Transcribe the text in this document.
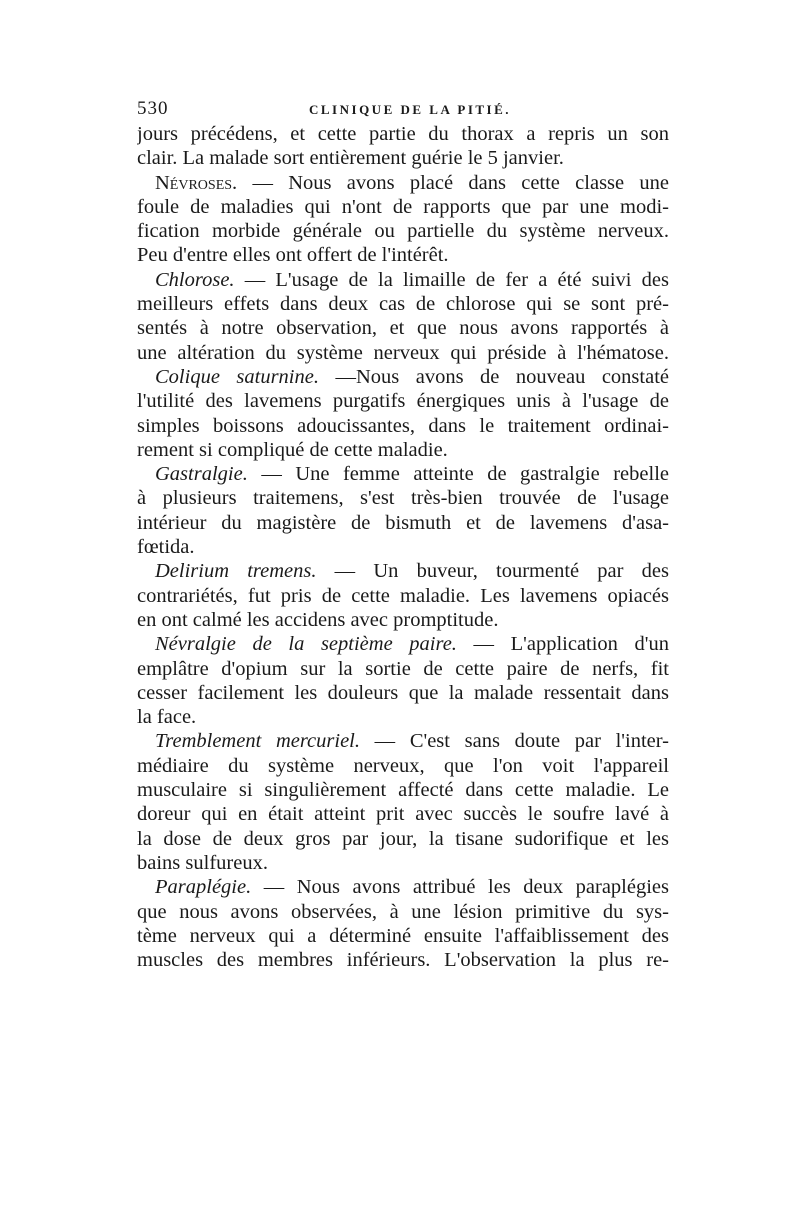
530	CLINIQUE DE LA PITIÉ.
jours précédens, et cette partie du thorax a repris un son
clair. La malade sort entièrement guérie le 5 janvier.
Névroses. — Nous avons placé dans cette classe une
foule de maladies qui n'ont de rapports que par une modi-
fication morbide générale ou partielle du système nerveux.
Peu d'entre elles ont offert de l'intérêt.
Chlorose. — L'usage de la limaille de fer a été suivi des
meilleurs effets dans deux cas de chlorose qui se sont pré-
sentés à notre observation, et que nous avons rapportés à
une altération du système nerveux qui préside à l'hématose.
Colique saturnine. —Nous avons de nouveau constaté
l'utilité des lavemens purgatifs énergiques unis à l'usage de
simples boissons adoucissantes, dans le traitement ordinai-
rement si compliqué de cette maladie.
Gastralgie. — Une femme atteinte de gastralgie rebelle
à plusieurs traitemens, s'est très-bien trouvée de l'usage
intérieur du magistère de bismuth et de lavemens d'asa-
fœtida.
Delirium tremens. — Un buveur, tourmenté par des
contrariétés, fut pris de cette maladie. Les lavemens opiacés
en ont calmé les accidens avec promptitude.
Névralgie de la septième paire. — L'application d'un
emplâtre d'opium sur la sortie de cette paire de nerfs, fit
cesser facilement les douleurs que la malade ressentait dans
la face.
Tremblement mercuriel. — C'est sans doute par l'inter-
médiaire du système nerveux, que l'on voit l'appareil
musculaire si singulièrement affecté dans cette maladie. Le
doreur qui en était atteint prit avec succès le soufre lavé à
la dose de deux gros par jour, la tisane sudorifique et les
bains sulfureux.
Paraplégie. — Nous avons attribué les deux paraplégies
que nous avons observées, à une lésion primitive du sys-
tème nerveux qui a déterminé ensuite l'affaiblissement des
muscles des membres inférieurs. L'observation la plus re-
